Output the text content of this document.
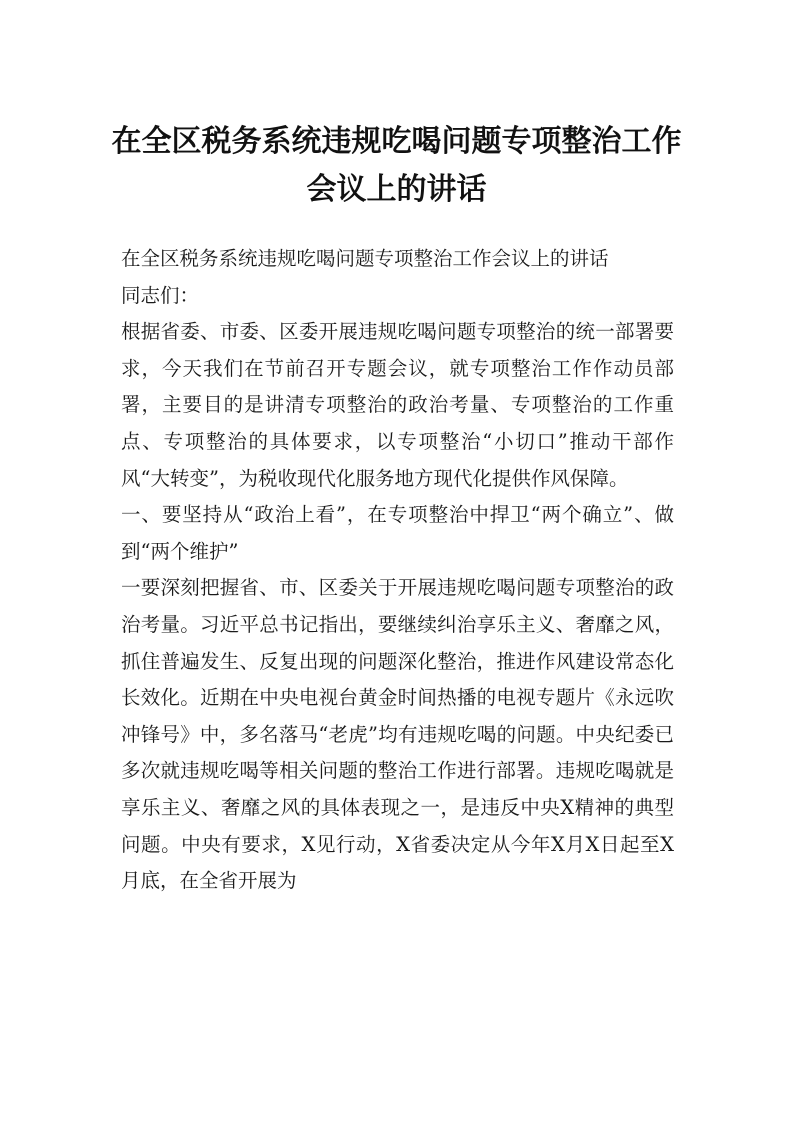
在全区税务系统违规吃喝问题专项整治工作会议上的讲话

在全区税务系统违规吃喝问题专项整治工作会议上的讲话

同志们：

根据省委、市委、区委开展违规吃喝问题专项整治的统一部署要求，今天我们在节前召开专题会议，就专项整治工作作动员部署，主要目的是讲清专项整治的政治考量、专项整治的工作重点、专项整治的具体要求，以专项整治“小切口”推动干部作风“大转变”，为税收现代化服务地方现代化提供作风保障。

一、要坚持从“政治上看”，在专项整治中捍卫“两个确立”、做到“两个维护”

一要深刻把握省、市、区委关于开展违规吃喝问题专项整治的政治考量。习近平总书记指出，要继续纠治享乐主义、奢靡之风，抓住普遍发生、反复出现的问题深化整治，推进作风建设常态化长效化。近期在中央电视台黄金时间热播的电视专题片《永远吹冲锋号》中，多名落马“老虎”均有违规吃喝的问题。中央纪委已多次就违规吃喝等相关问题的整治工作进行部署。违规吃喝就是享乐主义、奢靡之风的具体表现之一，是违反中央X精神的典型问题。中央有要求，X见行动，X省委决定从今年X月X日起至X月底，在全省开展为
